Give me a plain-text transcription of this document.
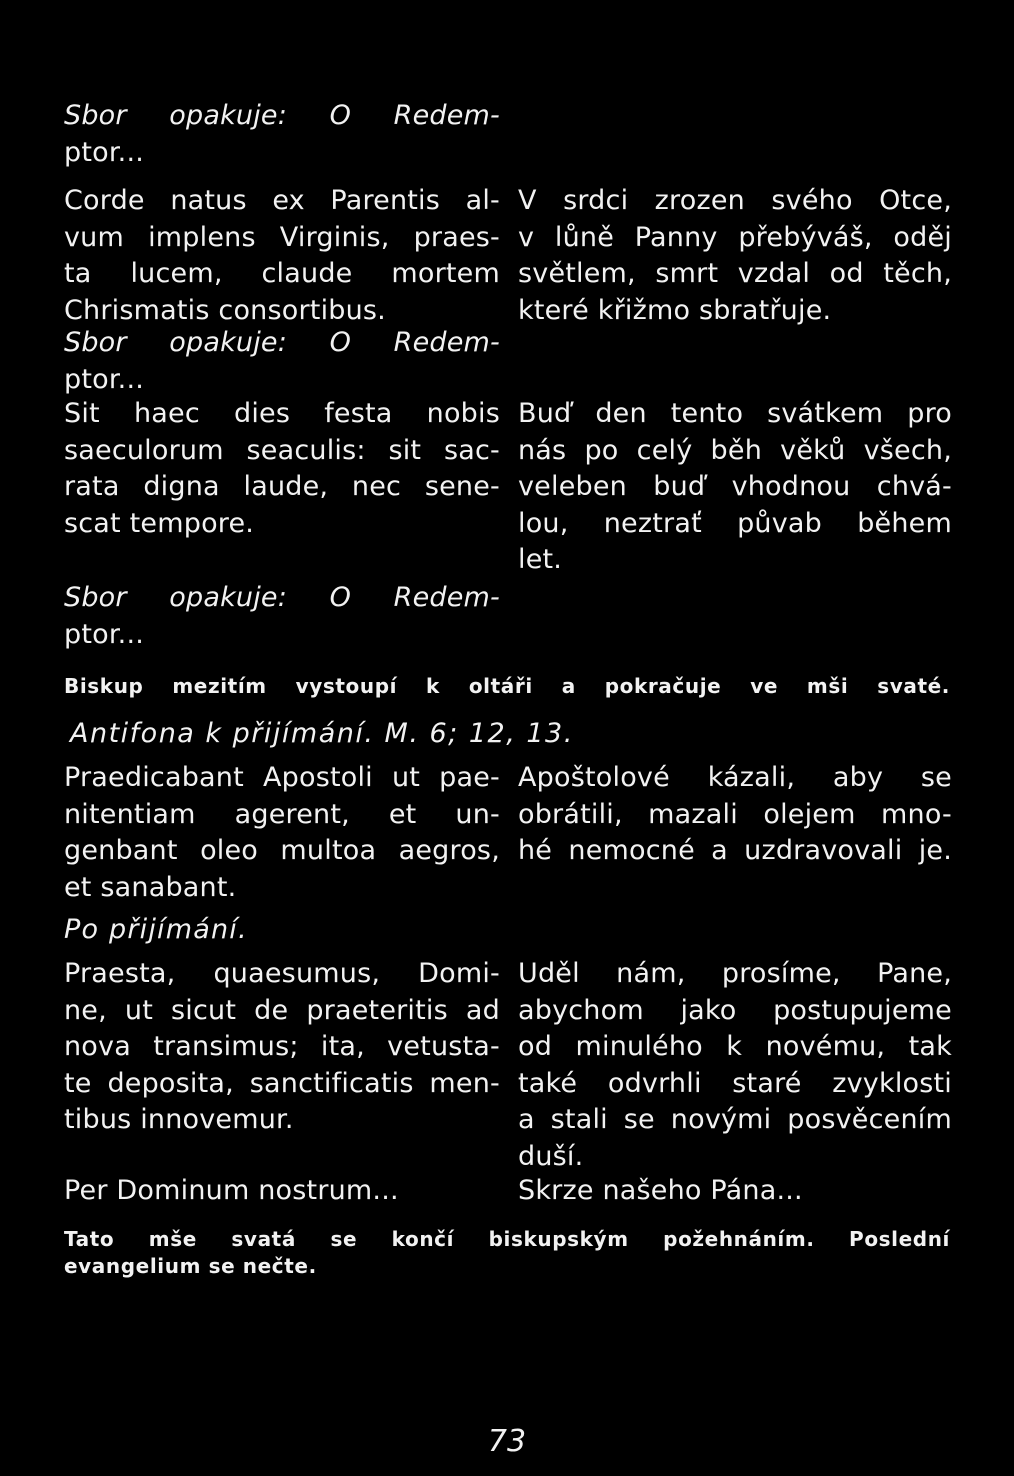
Sbor opakuje: O Redem-
ptor...
Corde natus ex Parentis al-
vum implens Virginis, praes-
ta lucem, claude mortem
Chrismatis consortibus.
Sbor opakuje: O Redem-
ptor...
Sit haec dies festa nobis
saeculorum seaculis: sit sac-
rata digna laude, nec sene-
scat tempore.
Sbor opakuje: O Redem-
ptor...
V srdci zrozen svého Otce,
v lůně Panny přebýváš, oděj
světlem, smrt vzdal od těch,
které křižmo sbratřuje.
Buď den tento svátkem pro
nás po celý běh věků všech,
veleben buď vhodnou chvá-
lou, neztrať půvab během
let.
Biskup mezitím vystoupí k oltáři a pokračuje ve mši svaté.
Antifona k přijímání. M. 6; 12, 13.
Praedicabant Apostoli ut pae-
nitentiam agerent, et un-
genbant oleo multoa aegros,
et sanabant.
Apoštolové kázali, aby se
obrátili, mazali olejem mno-
hé nemocné a uzdravovali je.
Po přijímání.
Praesta, quaesumus, Domi-
ne, ut sicut de praeteritis ad
nova transimus; ita, vetusta-
te deposita, sanctificatis men-
tibus innovemur.
Uděl nám, prosíme, Pane,
abychom jako postupujeme
od minulého k novému, tak
také odvrhli staré zvyklosti
a stali se novými posvěcením
duší.
Per Dominum nostrum...	Skrze našeho Pána...
Tato mše svatá se končí biskupským požehnáním. Poslední
evangelium se nečte.
73
